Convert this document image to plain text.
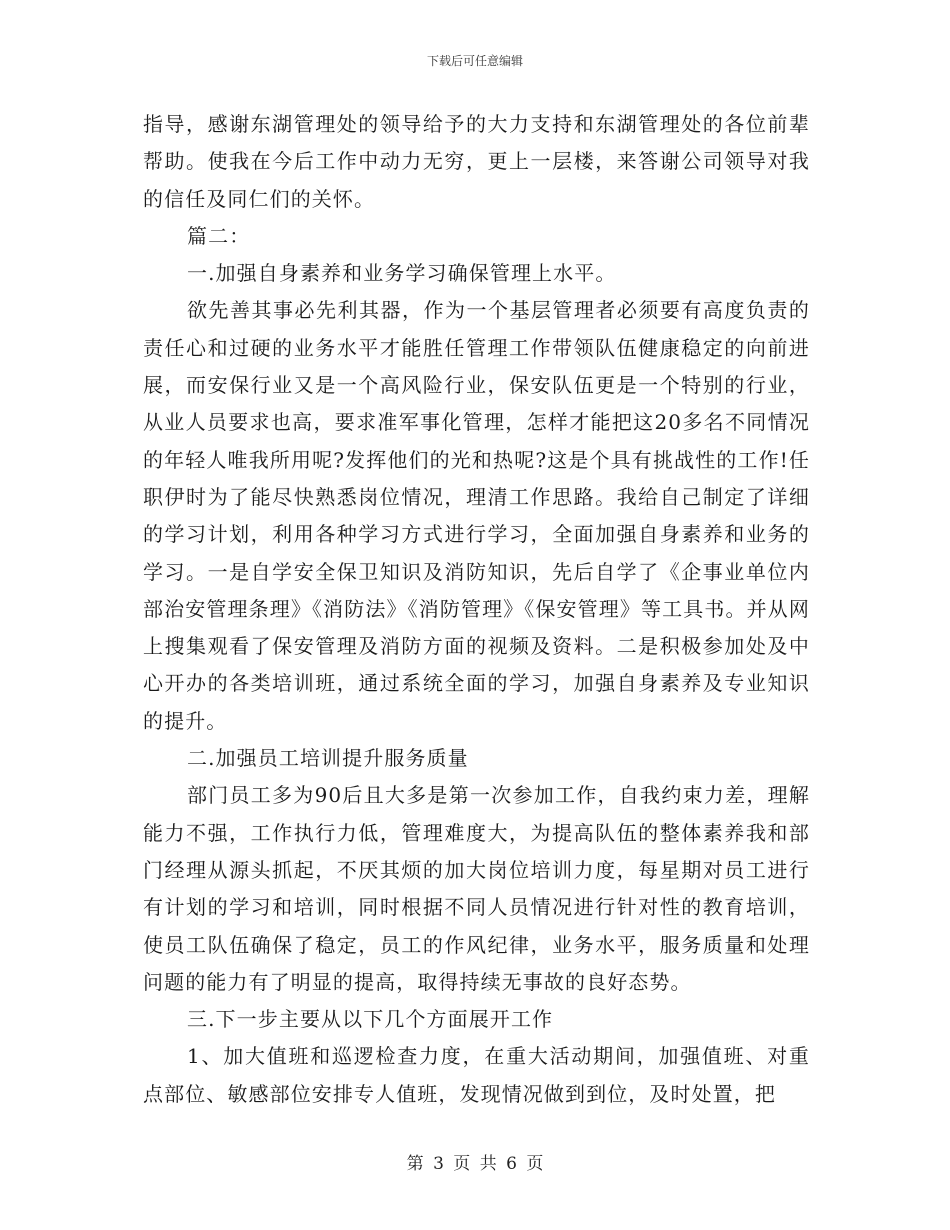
下载后可任意编辑

指导，感谢东湖管理处的领导给予的大力支持和东湖管理处的各位前辈帮助。使我在今后工作中动力无穷，更上一层楼，来答谢公司领导对我的信任及同仁们的关怀。

篇二：

一.加强自身素养和业务学习确保管理上水平。

欲先善其事必先利其器，作为一个基层管理者必须要有高度负责的责任心和过硬的业务水平才能胜任管理工作带领队伍健康稳定的向前进展，而安保行业又是一个高风险行业，保安队伍更是一个特别的行业，从业人员要求也高，要求准军事化管理，怎样才能把这20多名不同情况的年轻人唯我所用呢?发挥他们的光和热呢?这是个具有挑战性的工作!任职伊时为了能尽快熟悉岗位情况，理清工作思路。我给自己制定了详细的学习计划，利用各种学习方式进行学习，全面加强自身素养和业务的学习。一是自学安全保卫知识及消防知识，先后自学了《企事业单位内部治安管理条理》《消防法》《消防管理》《保安管理》等工具书。并从网上搜集观看了保安管理及消防方面的视频及资料。二是积极参加处及中心开办的各类培训班，通过系统全面的学习，加强自身素养及专业知识的提升。

二.加强员工培训提升服务质量

部门员工多为90后且大多是第一次参加工作，自我约束力差，理解能力不强，工作执行力低，管理难度大，为提高队伍的整体素养我和部门经理从源头抓起，不厌其烦的加大岗位培训力度，每星期对员工进行有计划的学习和培训，同时根据不同人员情况进行针对性的教育培训，使员工队伍确保了稳定，员工的作风纪律，业务水平，服务质量和处理问题的能力有了明显的提高，取得持续无事故的良好态势。

三.下一步主要从以下几个方面展开工作

1、加大值班和巡逻检查力度，在重大活动期间，加强值班、对重点部位、敏感部位安排专人值班，发现情况做到到位，及时处置，把

第 3 页 共 6 页
